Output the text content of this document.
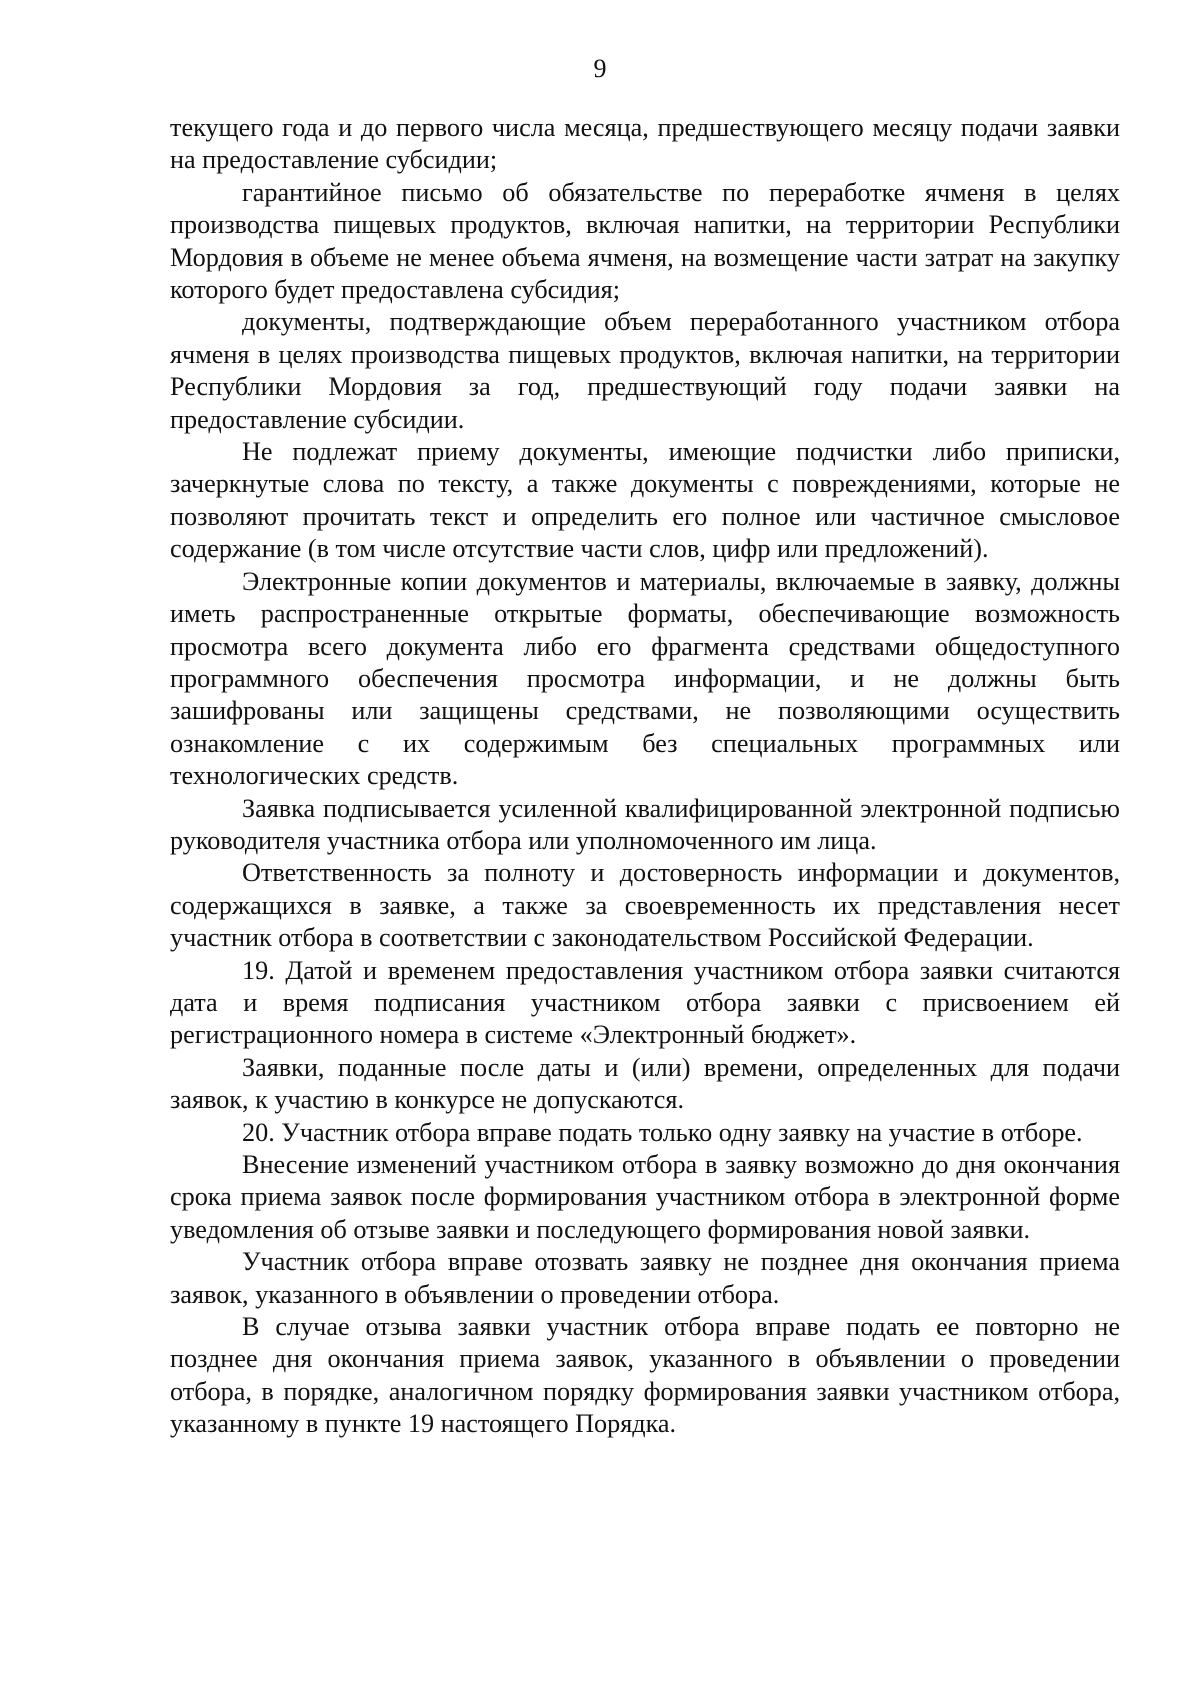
9

текущего года и до первого числа месяца, предшествующего месяцу подачи заявки на предоставление субсидии;

гарантийное письмо об обязательстве по переработке ячменя в целях производства пищевых продуктов, включая напитки, на территории Республики Мордовия в объеме не менее объема ячменя, на возмещение части затрат на закупку которого будет предоставлена субсидия;

документы, подтверждающие объем переработанного участником отбора ячменя в целях производства пищевых продуктов, включая напитки, на территории Республики Мордовия за год, предшествующий году подачи заявки на предоставление субсидии.

Не подлежат приему документы, имеющие подчистки либо приписки, зачеркнутые слова по тексту, а также документы с повреждениями, которые не позволяют прочитать текст и определить его полное или частичное смысловое содержание (в том числе отсутствие части слов, цифр или предложений).

Электронные копии документов и материалы, включаемые в заявку, должны иметь распространенные открытые форматы, обеспечивающие возможность просмотра всего документа либо его фрагмента средствами общедоступного программного обеспечения просмотра информации, и не должны быть зашифрованы или защищены средствами, не позволяющими осуществить ознакомление с их содержимым без специальных программных или технологических средств.

Заявка подписывается усиленной квалифицированной электронной подписью руководителя участника отбора или уполномоченного им лица.

Ответственность за полноту и достоверность информации и документов, содержащихся в заявке, а также за своевременность их представления несет участник отбора в соответствии с законодательством Российской Федерации.

19. Датой и временем предоставления участником отбора заявки считаются дата и время подписания участником отбора заявки с присвоением ей регистрационного номера в системе «Электронный бюджет».

Заявки, поданные после даты и (или) времени, определенных для подачи заявок, к участию в конкурсе не допускаются.

20. Участник отбора вправе подать только одну заявку на участие в отборе.

Внесение изменений участником отбора в заявку возможно до дня окончания срока приема заявок после формирования участником отбора в электронной форме уведомления об отзыве заявки и последующего формирования новой заявки.

Участник отбора вправе отозвать заявку не позднее дня окончания приема заявок, указанного в объявлении о проведении отбора.

В случае отзыва заявки участник отбора вправе подать ее повторно не позднее дня окончания приема заявок, указанного в объявлении о проведении отбора, в порядке, аналогичном порядку формирования заявки участником отбора, указанному в пункте 19 настоящего Порядка.
